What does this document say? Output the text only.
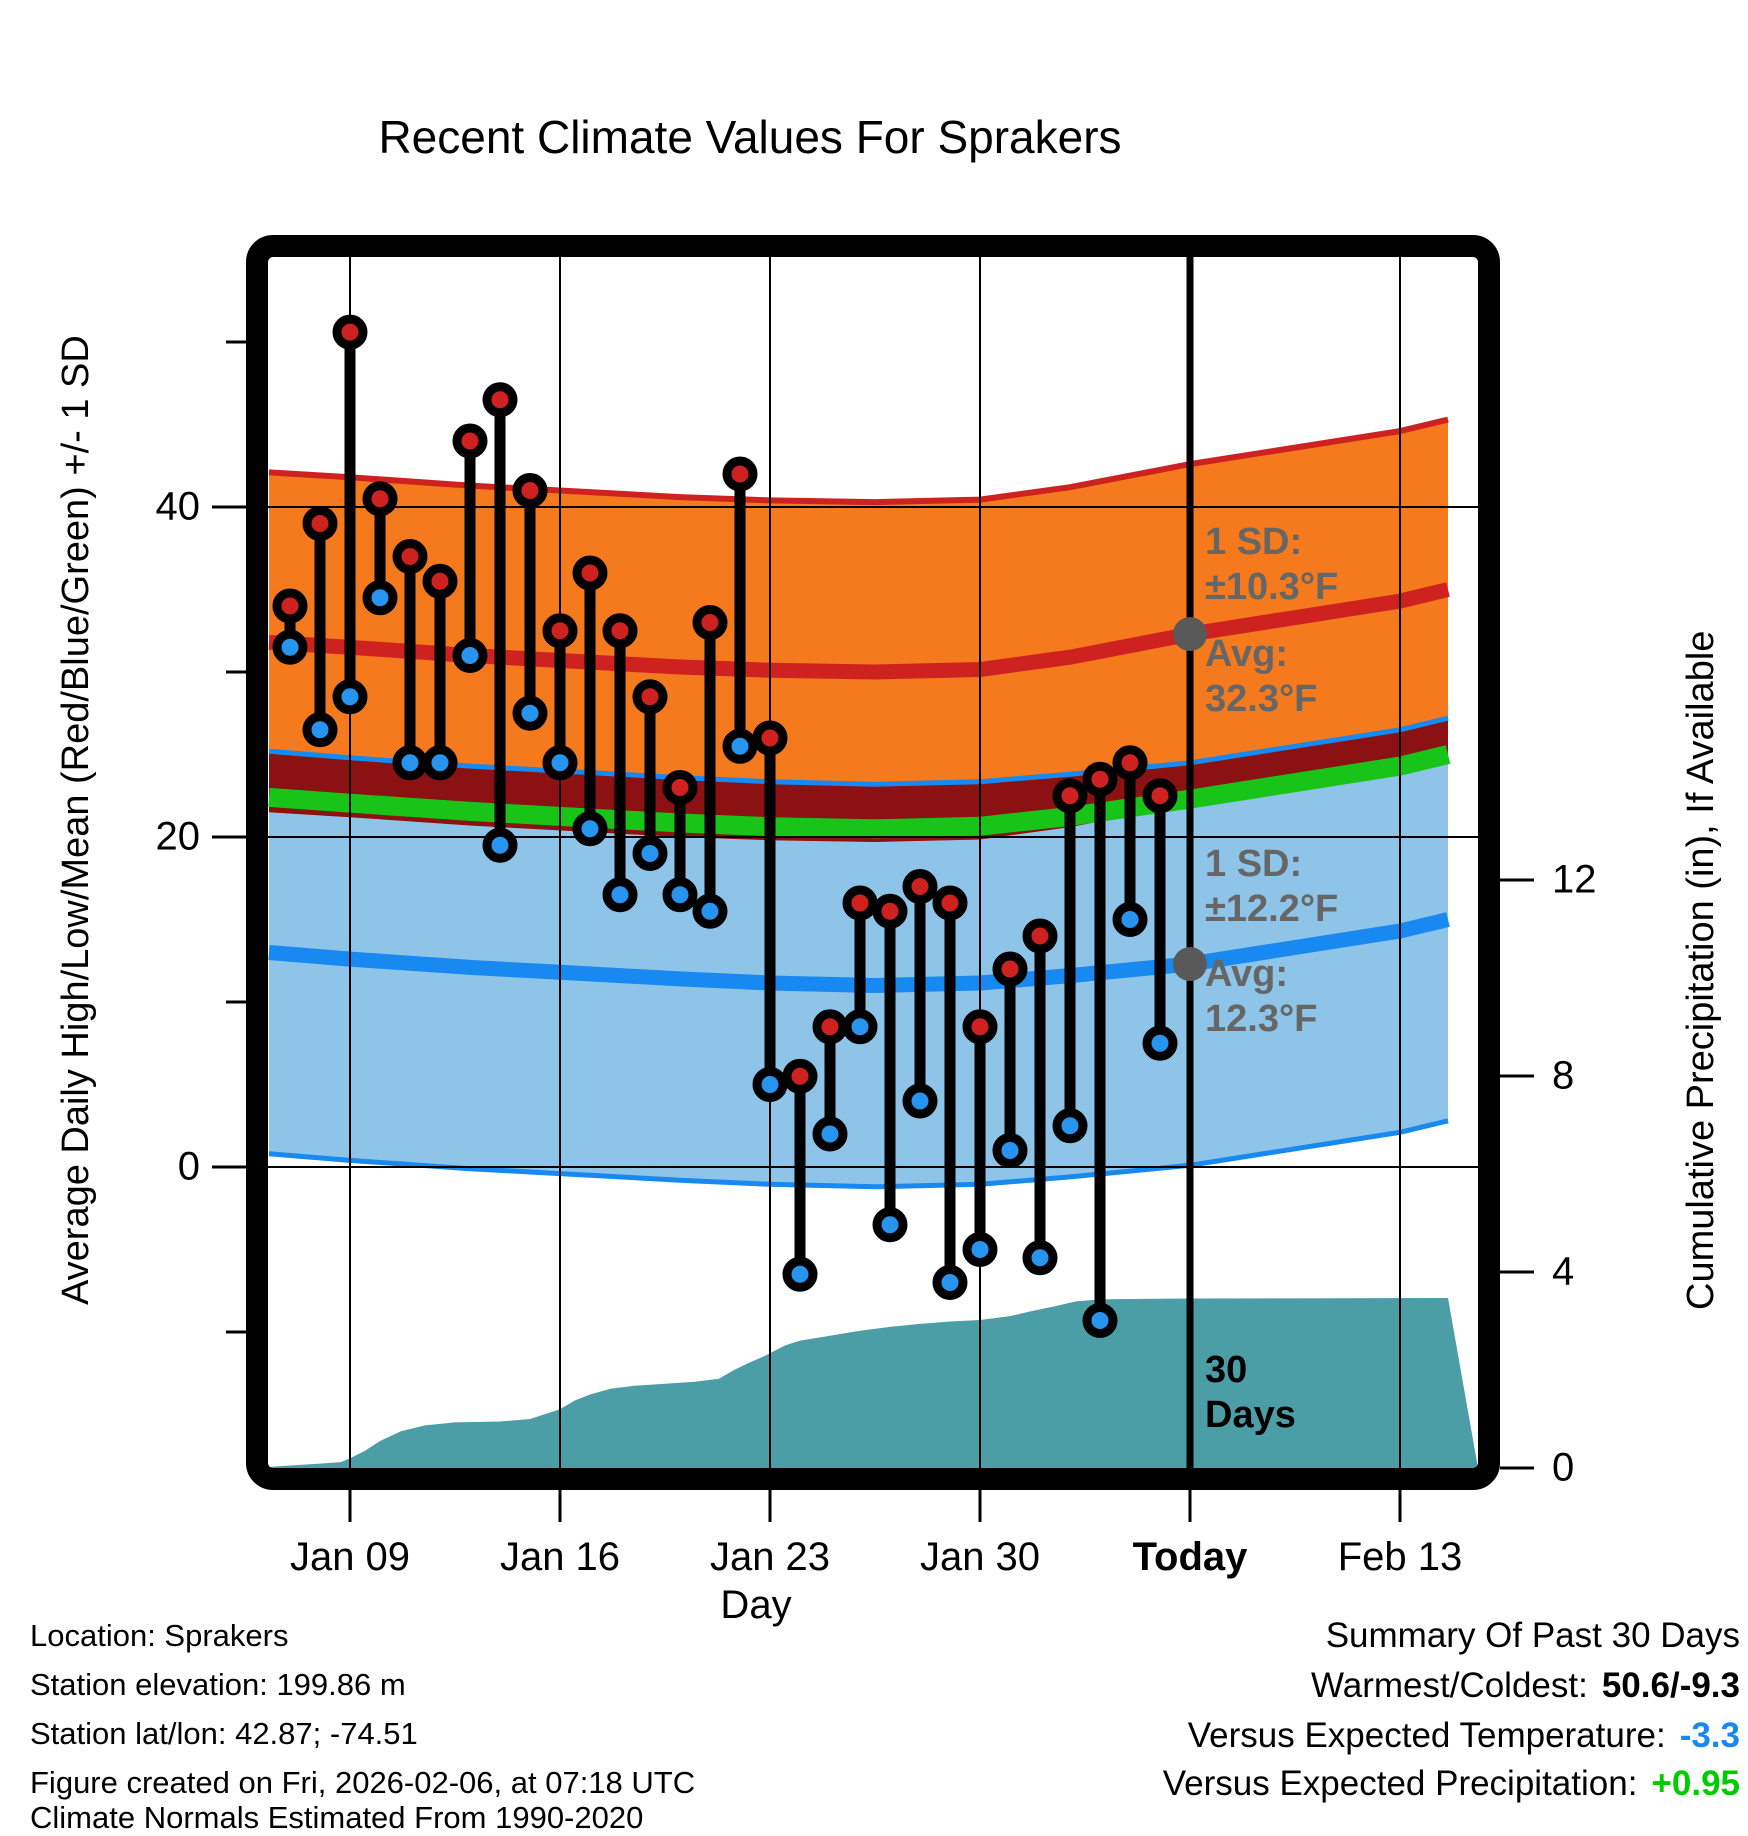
Recent Climate Values For Sprakers
Average Daily High/Low/Mean (Red/Blue/Green) +/- 1 SD	Cumulative Precipitation (in), If Available
Day
1 SD:
±10.3°F
Avg:
32.3°F
1 SD:
±12.2°F
Avg:
12.3°F
30
Days
Location: Sprakers
Station elevation: 199.86 m
Station lat/lon: 42.87; -74.51
Figure created on Fri, 2026-02-06, at 07:18 UTC
Climate Normals Estimated From 1990-2020
Summary Of Past 30 Days
Warmest/Coldest: 50.6/-9.3
Versus Expected Temperature: -3.3
Versus Expected Precipitation: +0.95
Jan 09 Jan 16 Jan 23 Jan 30 Today Feb 13
40
20
0
12
8
4
0
